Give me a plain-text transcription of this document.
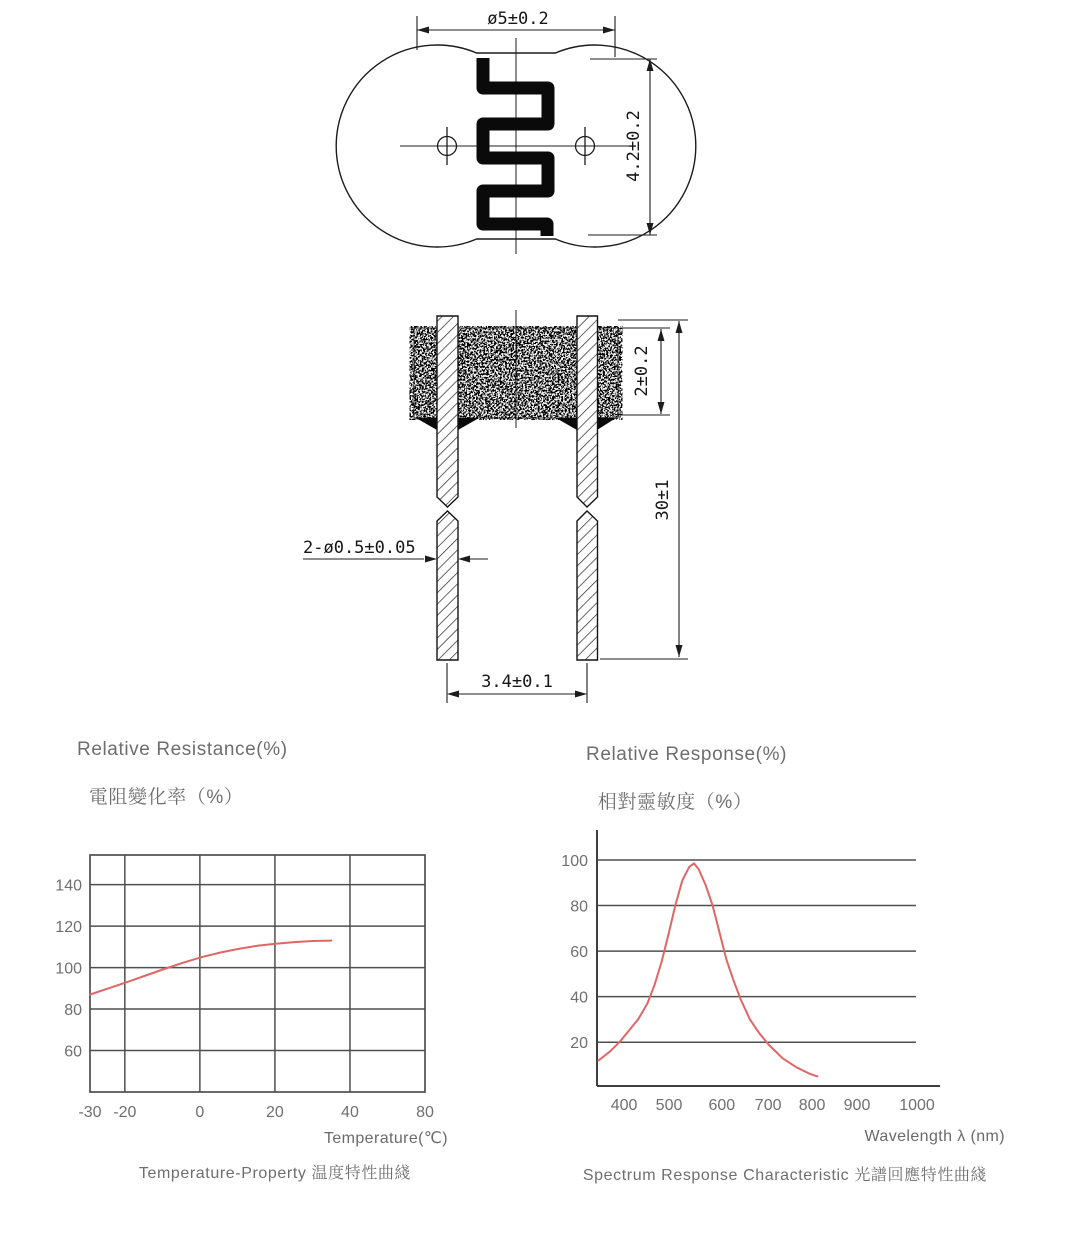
ø5±0.2
4.2±0.2
2±0.2
30±1
2-ø0.5±0.05
3.4±0.1
140
120
100
80
60
-30 -20	0	20	40	80
100
80
60
40
20
400 500 600 700 800 900 1000
Relative Resistance(%)

電阻變化率（%）

Relative Response(%)

相對靈敏度（%）

Temperature(℃)	Wavelength λ (nm)
Temperature-Property 温度特性曲綫	Spectrum Response Characteristic 光譜回應特性曲綫
